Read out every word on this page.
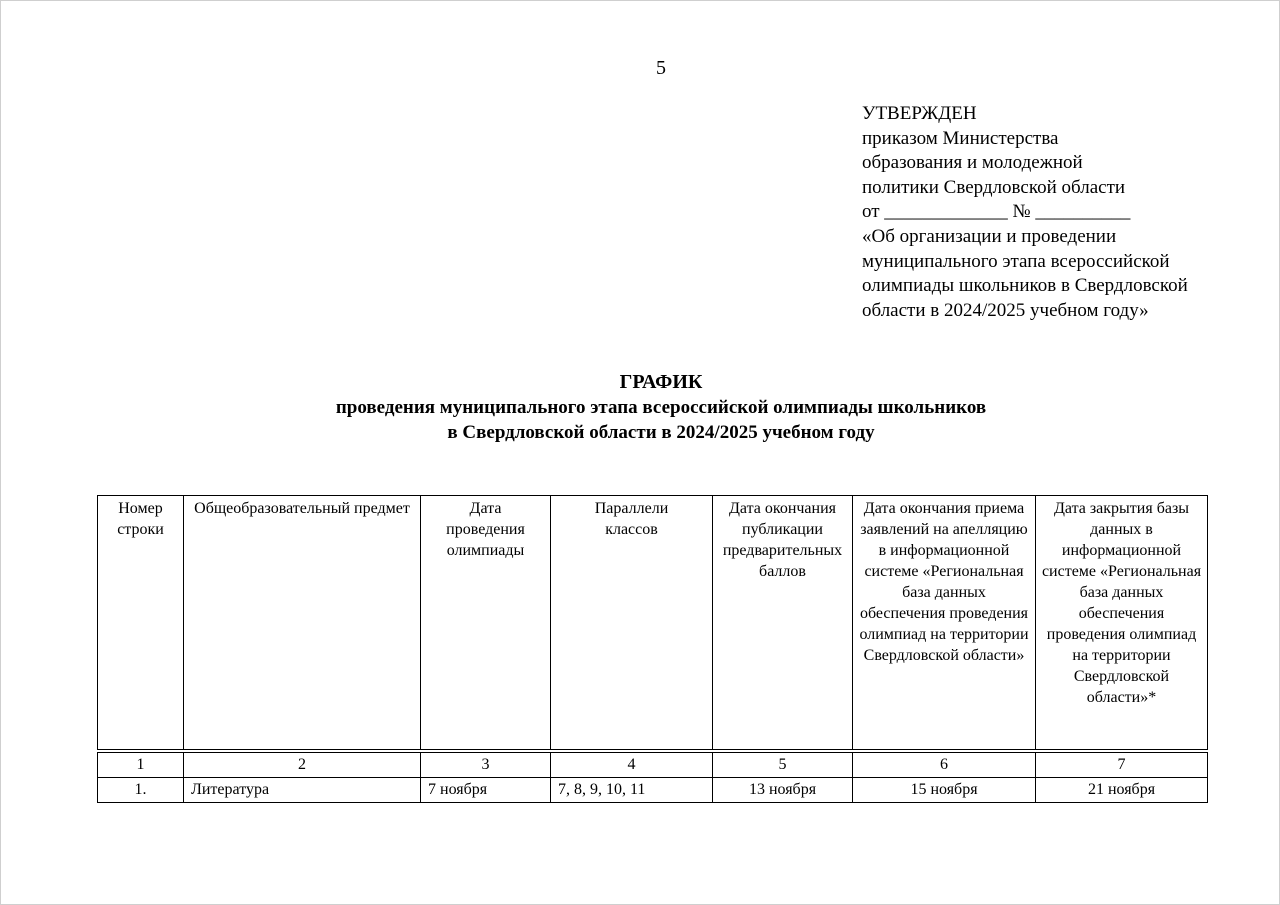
5
УТВЕРЖДЕН
приказом Министерства
образования и молодежной
политики Свердловской области
от _____________ № __________
«Об организации и проведении
муниципального этапа всероссийской
олимпиады школьников в Свердловской
области в 2024/2025 учебном году»
ГРАФИК
проведения муниципального этапа всероссийской олимпиады школьников
в Свердловской области в 2024/2025 учебном году
Номер строки	Общеобразовательный предмет	Дата проведения олимпиады	Параллели классов	Дата окончания публикации предварительных баллов	Дата окончания приема заявлений на апелляцию в информационной системе «Региональная база данных обеспечения проведения олимпиад на территории Свердловской области»	Дата закрытия базы данных в информационной системе «Региональная база данных обеспечения проведения олимпиад на территории Свердловской области»*
1	2	3	4	5	6	7
1.	Литература	7 ноября	7, 8, 9, 10, 11	13 ноября	15 ноября	21 ноября
